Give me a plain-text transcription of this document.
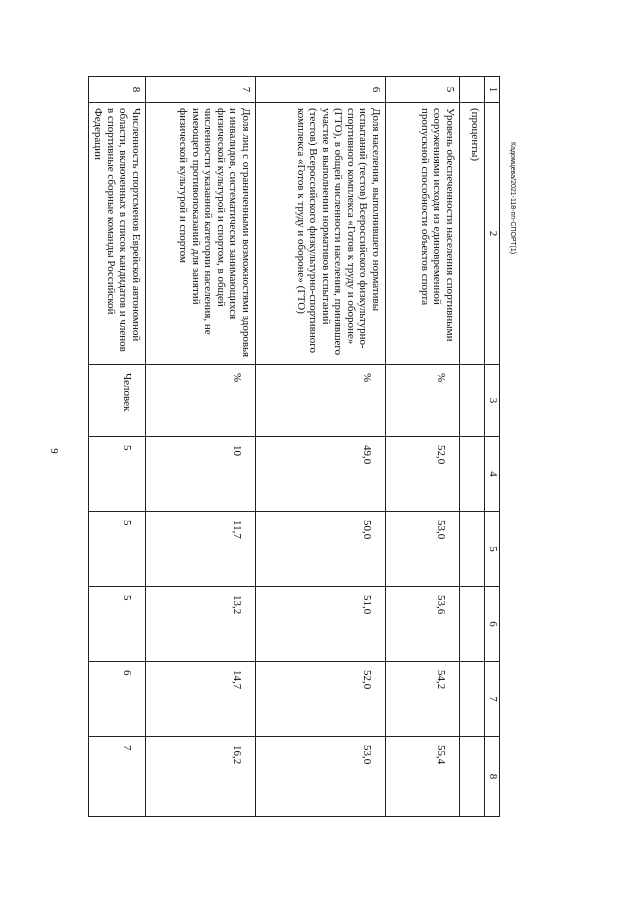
9
Кадомцева/2021-118-пп-СПОРТ(1)
1	2	3	4	5	6	7	8
	(проценты)						
5	Уровень обеспеченности населения спортивными сооружениями исходя из единовременной пропускной способности объектов спорта	%	52,0	53,0	53,6	54,2	55,4
6	Доля населения, выполнившего нормативы испытаний (тестов) Всероссийского физкультурно-спортивного комплекса «Готов к труду и обороне» (ГТО), в общей численности населения, принявшего участие в выполнении нормативов испытаний (тестов) Всероссийского физкультурно-спортивного комплекса «Готов к труду и обороне» (ГТО)	%	49,0	50,0	51,0	52,0	53,0
7	Доля лиц с ограниченными возможностями здоровья и инвалидов, систематически занимающихся физической культурой и спортом, в общей численности указанной категории населения, не имеющего противопоказаний для занятий физической культурой и спортом	%	10	11,7	13,2	14,7	16,2
8	Численность спортсменов Еврейской автономной области, включенных в список кандидатов и членов в спортивные сборные команды Российской Федерации	Человек	5	5	5	6	7
